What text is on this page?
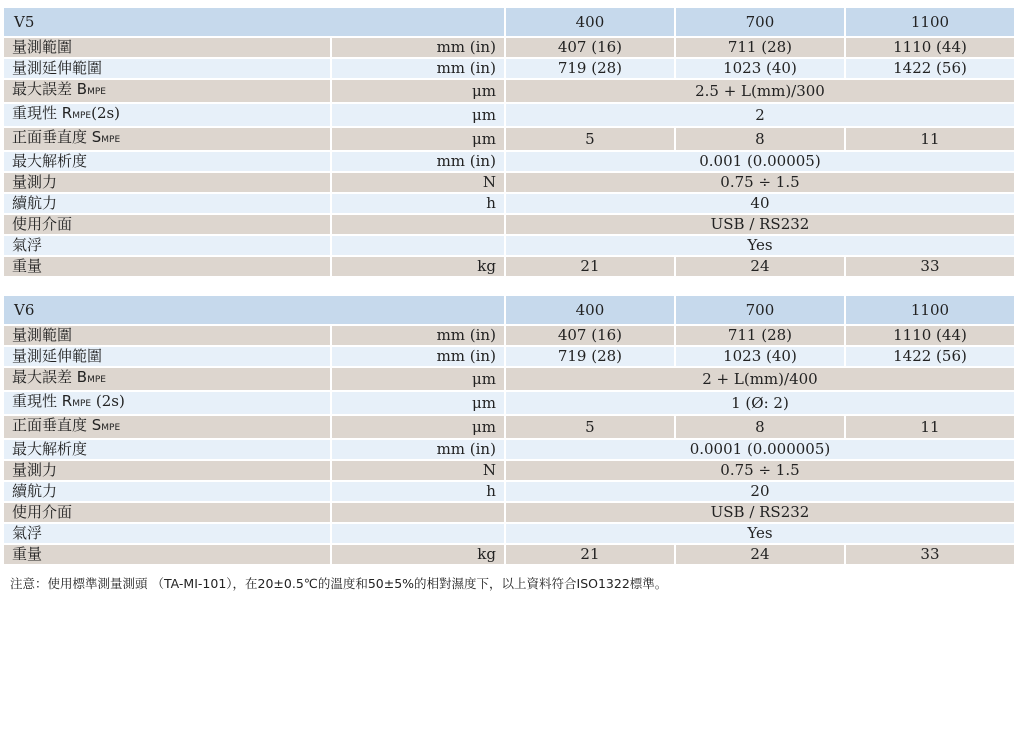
V5		400	700	1100
量測範圍	mm (in)	407 (16)	711 (28)	1110 (44)
量測延伸範圍	mm (in)	719 (28)	1023 (40)	1422 (56)
最大誤差 BMPE	μm	2.5 + L(mm)/300		
重現性 RMPE(2s)	μm	2		
正面垂直度 SMPE	μm	5	8	11
最大解析度	mm (in)	0.001 (0.00005)		
量測力	N	0.75 ÷ 1.5		
續航力	h	40		
使用介面		USB / RS232		
氣浮		Yes		
重量	kg	21	24	33
V6		400	700	1100
量測範圍	mm (in)	407 (16)	711 (28)	1110 (44)
量測延伸範圍	mm (in)	719 (28)	1023 (40)	1422 (56)
最大誤差 BMPE	μm	2 + L(mm)/400		
重現性 RMPE (2s)	μm	1 (Ø: 2)		
正面垂直度 SMPE	μm	5	8	11
最大解析度	mm (in)	0.0001 (0.000005)		
量測力	N	0.75 ÷ 1.5		
續航力	h	20		
使用介面		USB / RS232		
氣浮		Yes		
重量	kg	21	24	33
注意：使用標準測量測頭 （TA-MI-101），在20±0.5℃的溫度和50±5%的相對濕度下，以上資料符合ISO1322標準。
